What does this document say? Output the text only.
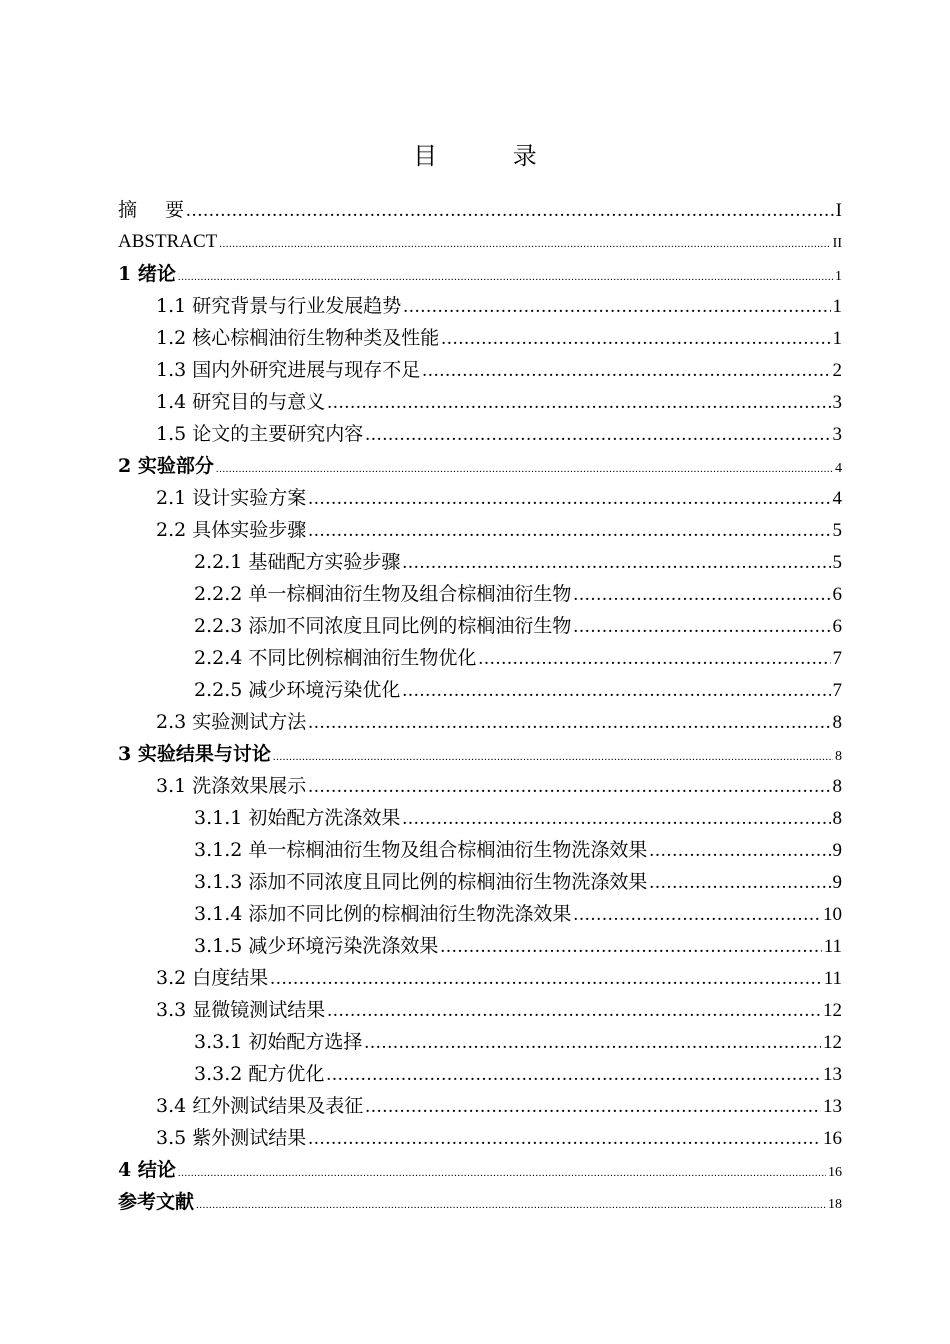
目 录
摘要 .....	I
ABSTRACT .....	II
1 绪论 .....	1
1.1 研究背景与行业发展趋势 .....	1
1.2 核心棕榈油衍生物种类及性能 .....	1
1.3 国内外研究进展与现存不足 .....	2
1.4 研究目的与意义 .....	3
1.5 论文的主要研究内容 .....	3
2 实验部分 .....	4
2.1 设计实验方案 .....	4
2.2 具体实验步骤 .....	5
2.2.1 基础配方实验步骤 .....	5
2.2.2 单一棕榈油衍生物及组合棕榈油衍生物 .....	6
2.2.3 添加不同浓度且同比例的棕榈油衍生物 .....	6
2.2.4 不同比例棕榈油衍生物优化 .....	7
2.2.5 减少环境污染优化 .....	7
2.3 实验测试方法 .....	8
3 实验结果与讨论 .....	8
3.1 洗涤效果展示 .....	8
3.1.1 初始配方洗涤效果 .....	8
3.1.2 单一棕榈油衍生物及组合棕榈油衍生物洗涤效果 .....	9
3.1.3 添加不同浓度且同比例的棕榈油衍生物洗涤效果 .....	9
3.1.4 添加不同比例的棕榈油衍生物洗涤效果 .....	10
3.1.5 减少环境污染洗涤效果 .....	11
3.2 白度结果 .....	11
3.3 显微镜测试结果 .....	12
3.3.1 初始配方选择 .....	12
3.3.2 配方优化 .....	13
3.4 红外测试结果及表征 .....	13
3.5 紫外测试结果 .....	16
4 结论 .....	16
参考文献 .....	18
